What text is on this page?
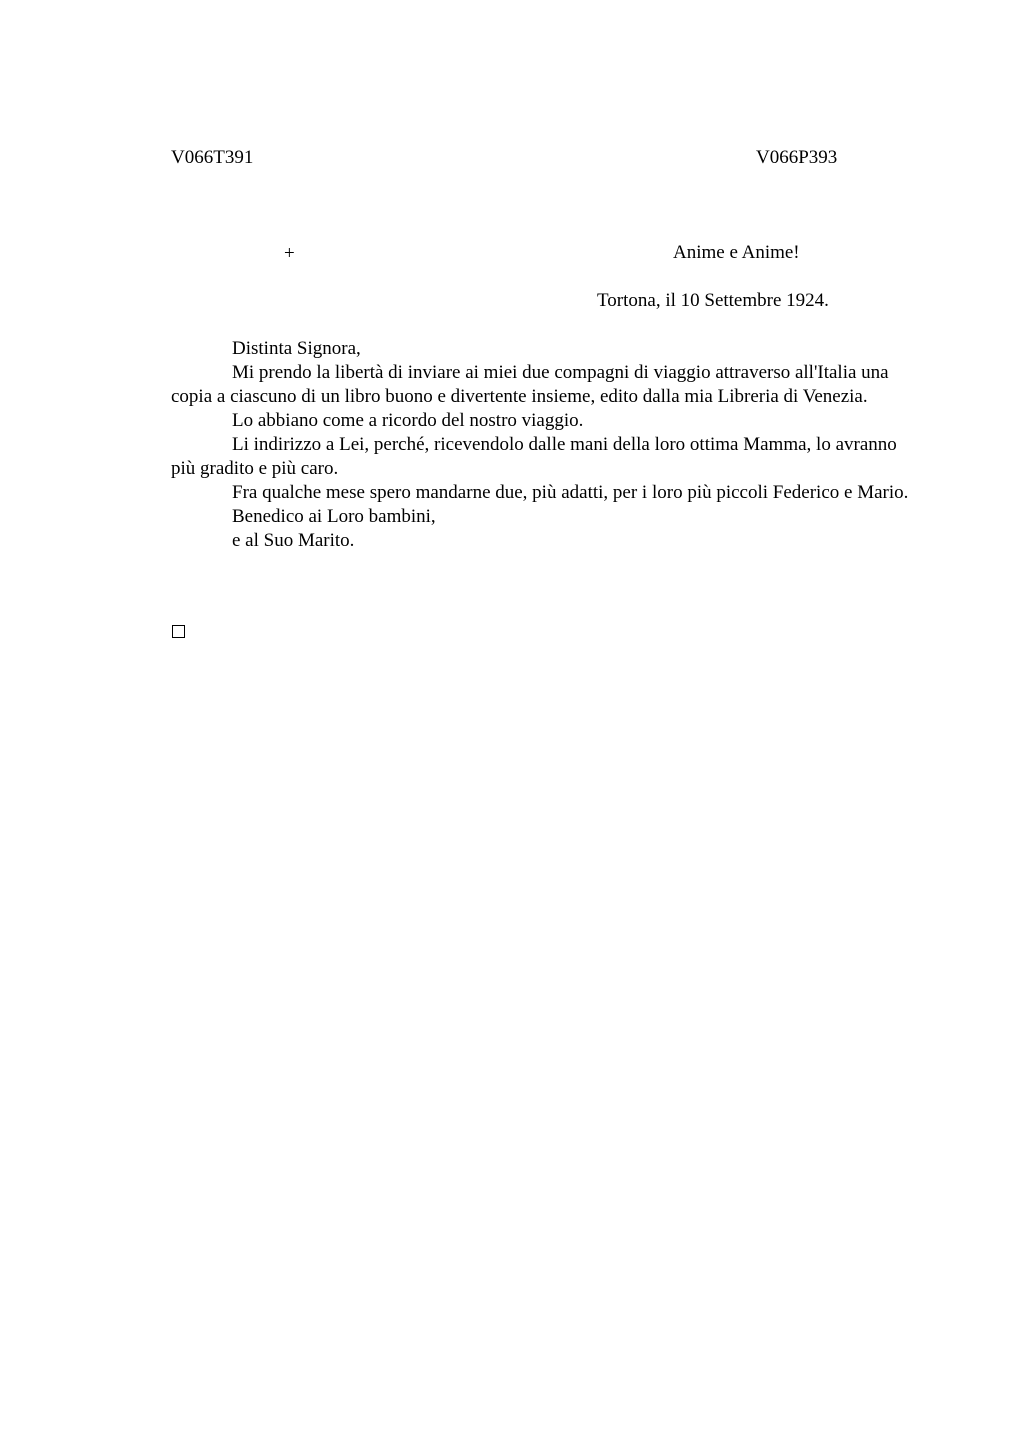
V066T391	V066P393
+	Anime e Anime!
Tortona, il 10 Settembre 1924.

Distinta Signora,

Mi prendo la libertà di inviare ai miei due compagni di viaggio attraverso all'Italia una copia a ciascuno di un libro buono e divertente insieme, edito dalla mia Libreria di Venezia.

Lo abbiano come a ricordo del nostro viaggio.

Li indirizzo a Lei, perché, ricevendolo dalle mani della loro ottima Mamma, lo avranno più gradito e più caro.

Fra qualche mese spero mandarne due, più adatti, per i loro più piccoli Federico e Mario.

Benedico ai Loro bambini,

e al Suo Marito.
